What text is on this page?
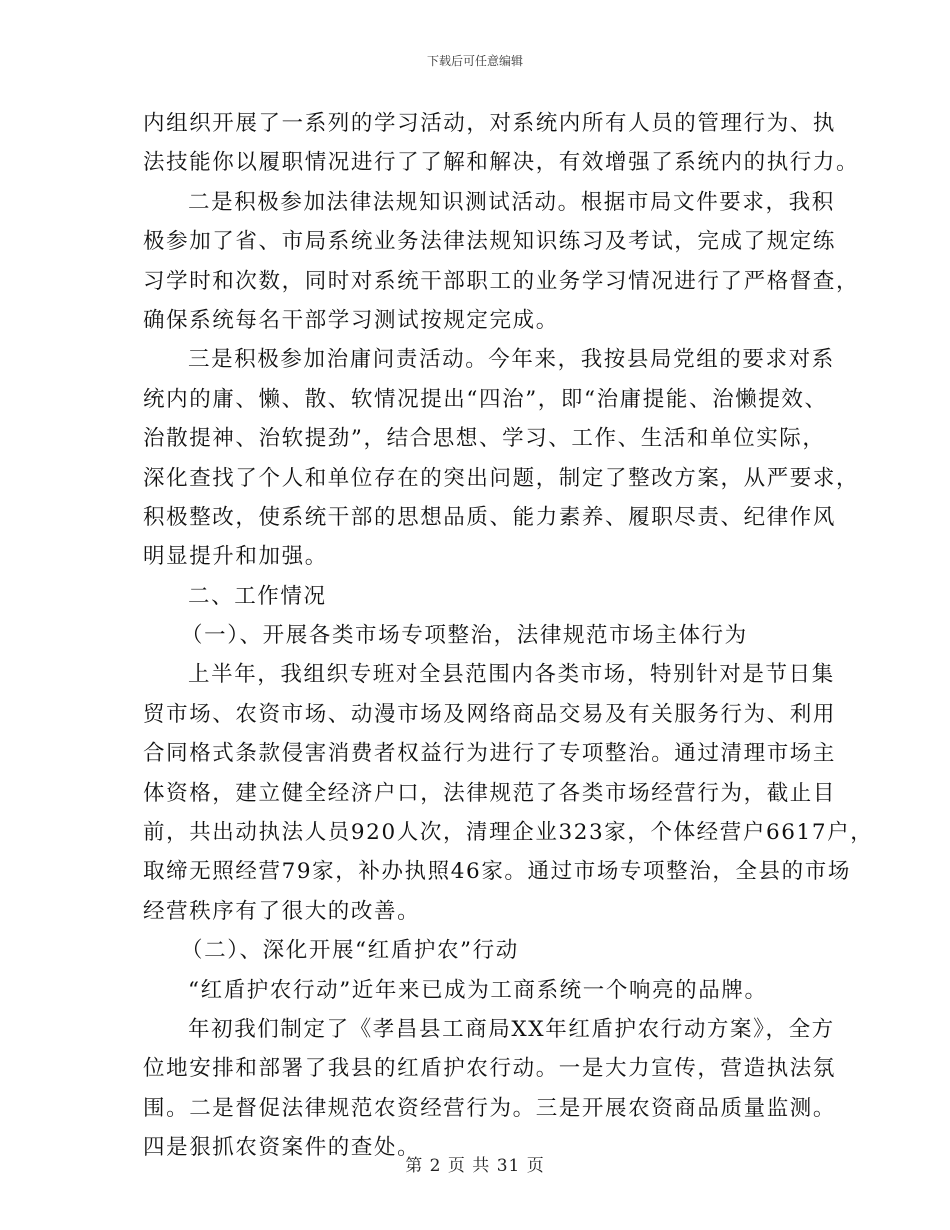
下载后可任意编辑
内组织开展了一系列的学习活动，对系统内所有人员的管理行为、执
法技能你以履职情况进行了了解和解决，有效增强了系统内的执行力。
二是积极参加法律法规知识测试活动。根据市局文件要求，我积
极参加了省、市局系统业务法律法规知识练习及考试，完成了规定练
习学时和次数，同时对系统干部职工的业务学习情况进行了严格督查，
确保系统每名干部学习测试按规定完成。
三是积极参加治庸问责活动。今年来，我按县局党组的要求对系
统内的庸、懒、散、软情况提出“四治”，即“治庸提能、治懒提效、
治散提神、治软提劲”，结合思想、学习、工作、生活和单位实际，
深化查找了个人和单位存在的突出问题，制定了整改方案，从严要求，
积极整改，使系统干部的思想品质、能力素养、履职尽责、纪律作风
明显提升和加强。
二、工作情况
（一）、开展各类市场专项整治，法律规范市场主体行为
上半年，我组织专班对全县范围内各类市场，特别针对是节日集
贸市场、农资市场、动漫市场及网络商品交易及有关服务行为、利用
合同格式条款侵害消费者权益行为进行了专项整治。通过清理市场主
体资格，建立健全经济户口，法律规范了各类市场经营行为，截止目
前，共出动执法人员920人次，清理企业323家，个体经营户6617户，
取缔无照经营79家，补办执照46家。通过市场专项整治，全县的市场
经营秩序有了很大的改善。
（二）、深化开展“红盾护农”行动
“红盾护农行动”近年来已成为工商系统一个响亮的品牌。
年初我们制定了《孝昌县工商局XX年红盾护农行动方案》，全方
位地安排和部署了我县的红盾护农行动。一是大力宣传，营造执法氛
围。二是督促法律规范农资经营行为。三是开展农资商品质量监测。
四是狠抓农资案件的查处。
第 2 页 共 31 页
